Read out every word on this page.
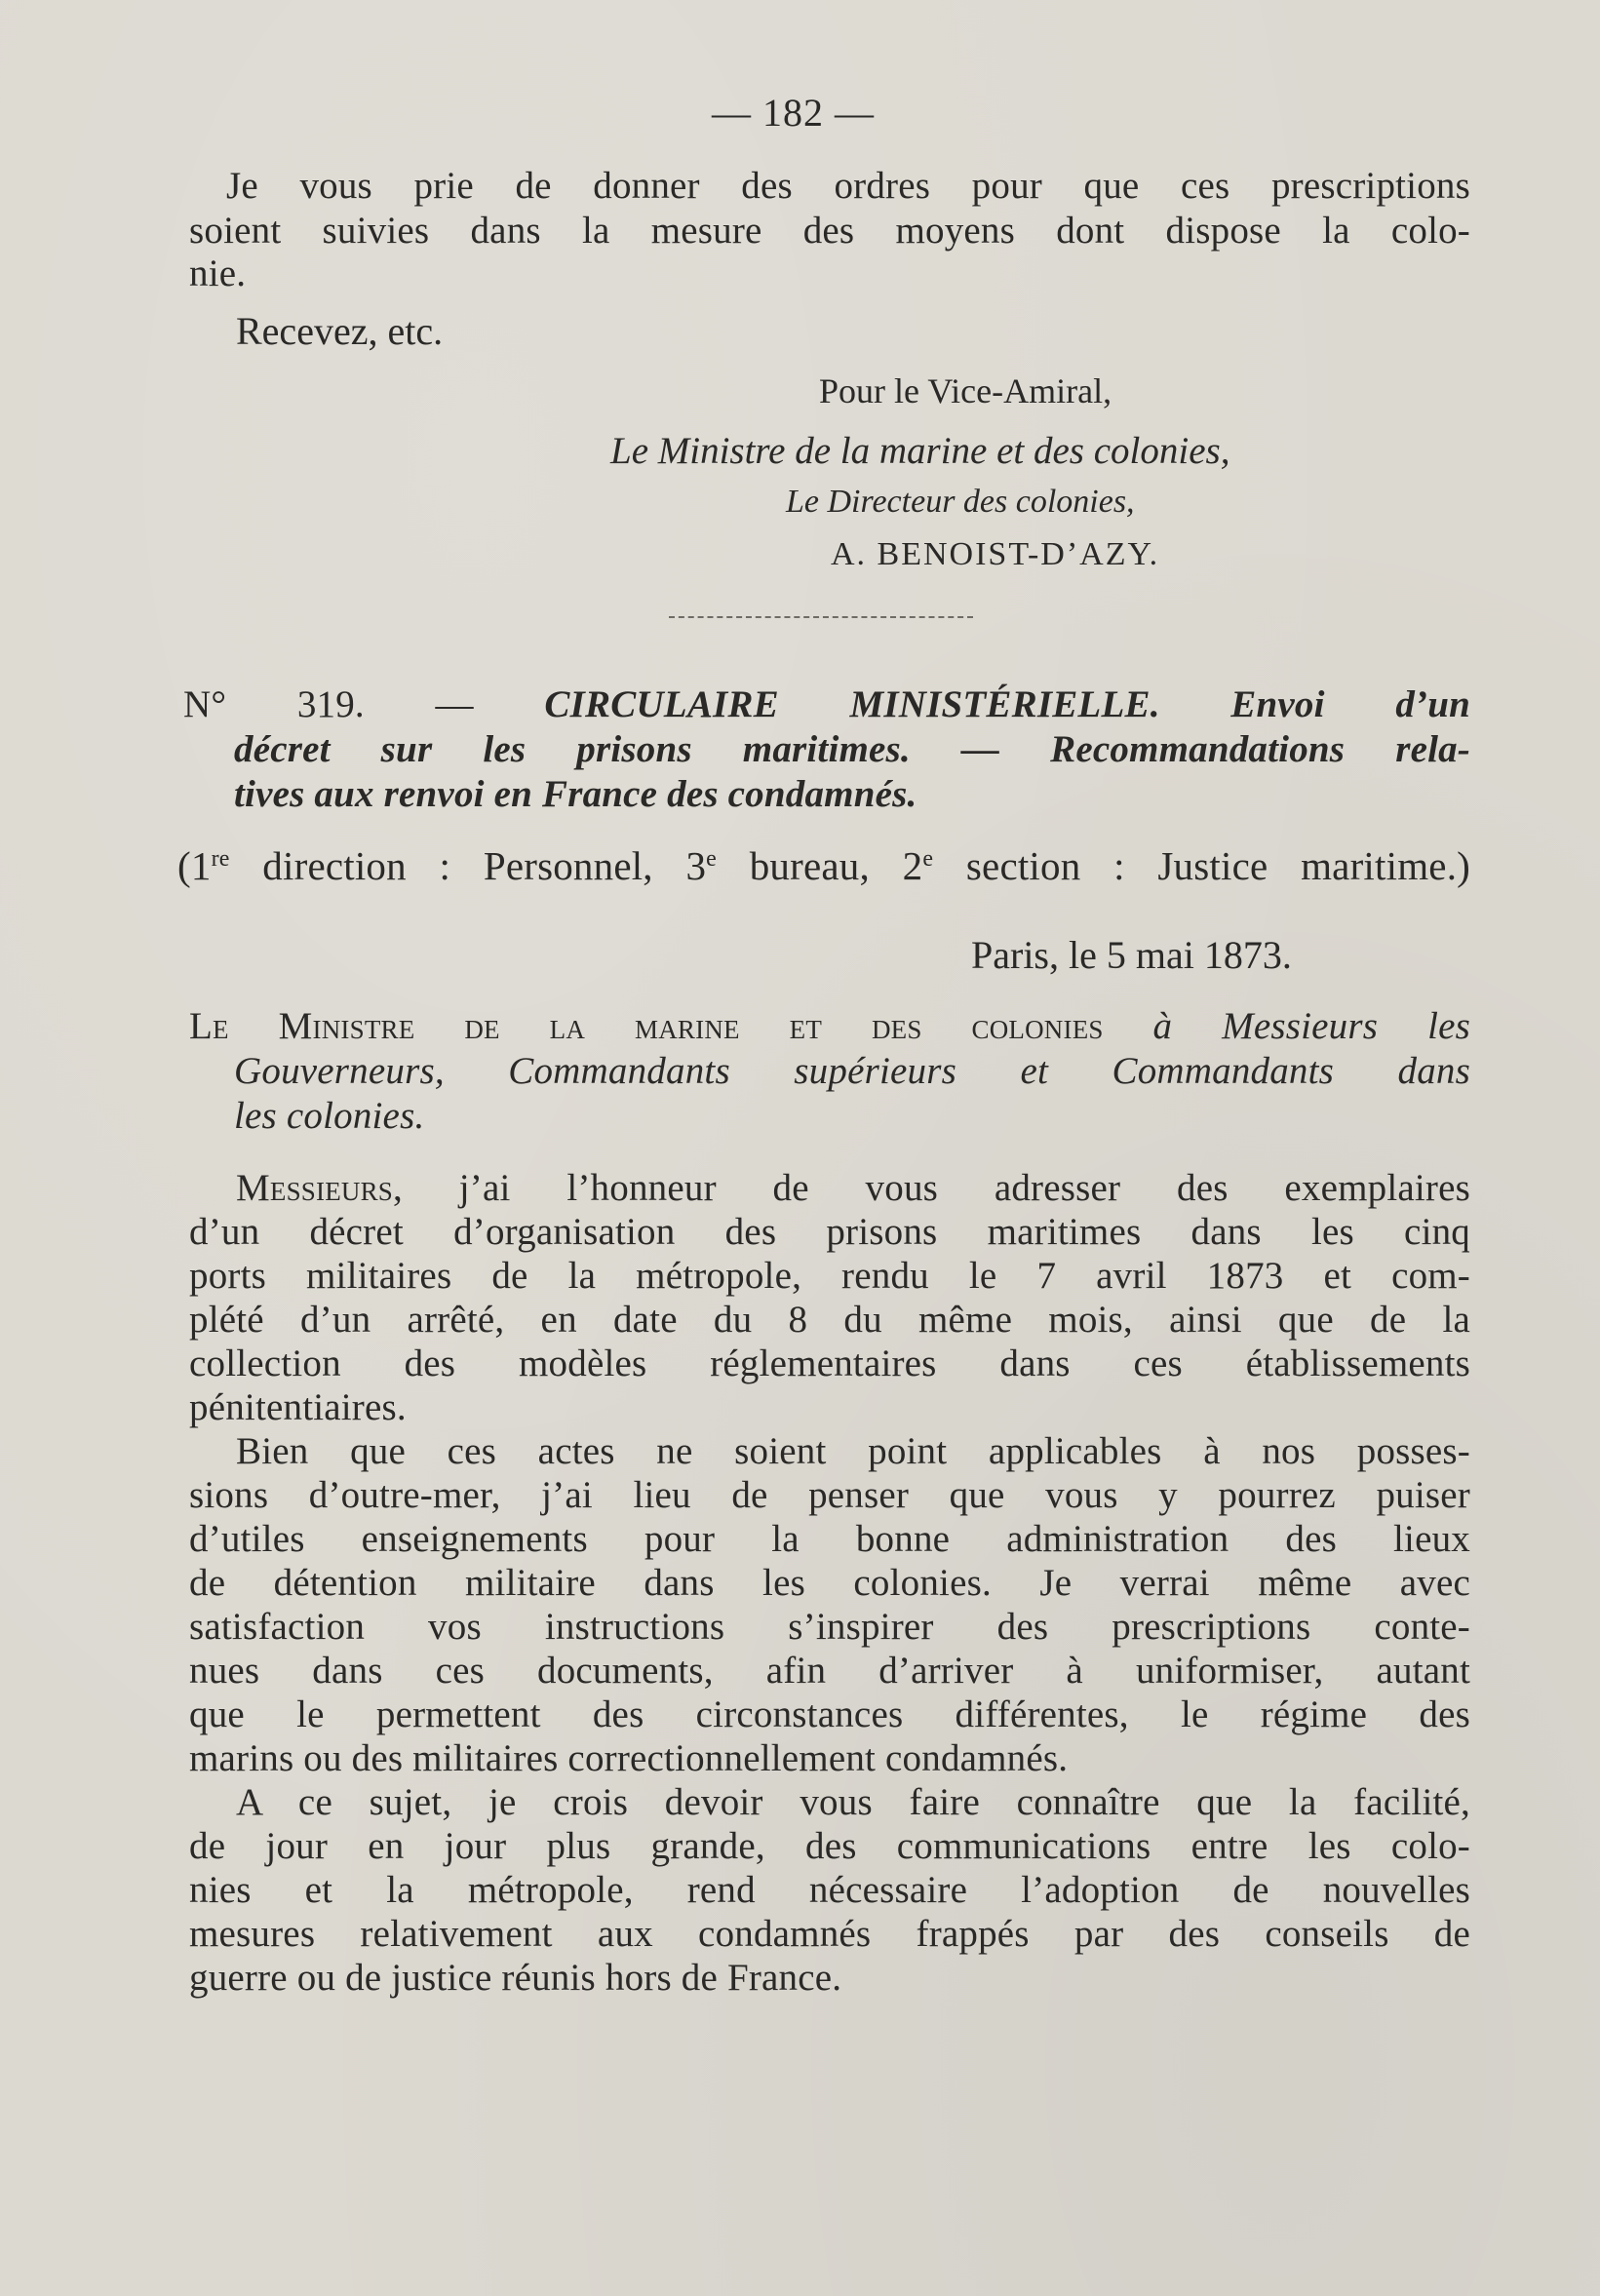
— 182 —
Je vous prie de donner des ordres pour que ces prescriptions
soient suivies dans la mesure des moyens dont dispose la colo-
nie.
Recevez, etc.
Pour le Vice-Amiral,
Le Ministre de la marine et des colonies,
Le Directeur des colonies,
A. BENOIST-D’AZY.
N° 319. — CIRCULAIRE MINISTÉRIELLE. Envoi d’un
décret sur les prisons maritimes. — Recommandations rela-
tives aux renvoi en France des condamnés.
(1re direction : Personnel, 3e bureau, 2e section : Justice maritime.)
Paris, le 5 mai 1873.
Le Ministre de la marine et des colonies à Messieurs les
Gouverneurs, Commandants supérieurs et Commandants dans
les colonies.
Messieurs, j’ai l’honneur de vous adresser des exemplaires
d’un décret d’organisation des prisons maritimes dans les cinq
ports militaires de la métropole, rendu le 7 avril 1873 et com-
plété d’un arrêté, en date du 8 du même mois, ainsi que de la
collection des modèles réglementaires dans ces établissements
pénitentiaires.
Bien que ces actes ne soient point applicables à nos posses-
sions d’outre-mer, j’ai lieu de penser que vous y pourrez puiser
d’utiles enseignements pour la bonne administration des lieux
de détention militaire dans les colonies. Je verrai même avec
satisfaction vos instructions s’inspirer des prescriptions conte-
nues dans ces documents, afin d’arriver à uniformiser, autant
que le permettent des circonstances différentes, le régime des
marins ou des militaires correctionnellement condamnés.
A ce sujet, je crois devoir vous faire connaître que la facilité,
de jour en jour plus grande, des communications entre les colo-
nies et la métropole, rend nécessaire l’adoption de nouvelles
mesures relativement aux condamnés frappés par des conseils de
guerre ou de justice réunis hors de France.
